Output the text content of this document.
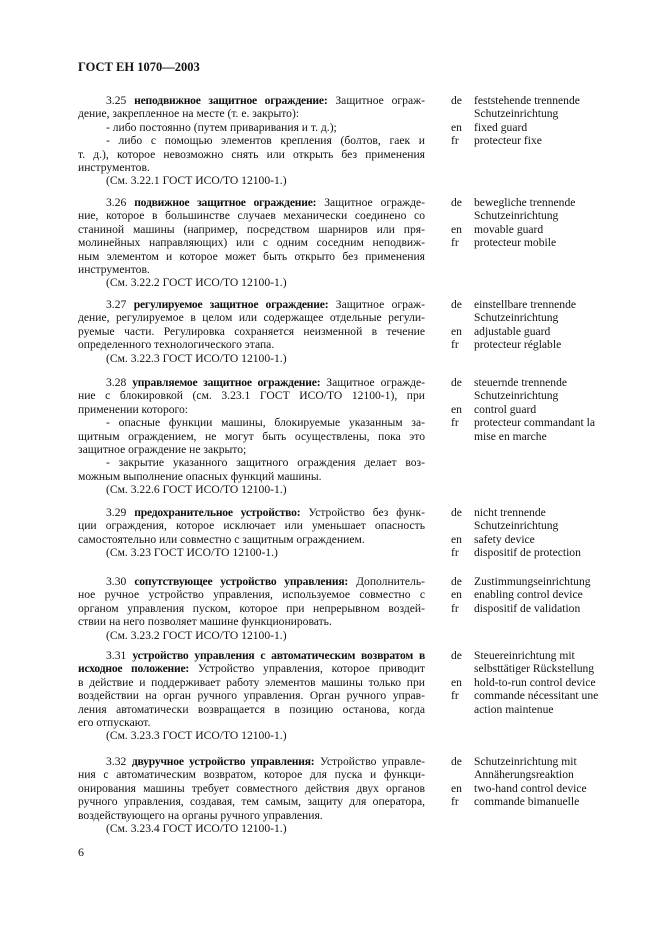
ГОСТ ЕН 1070—2003
3.25 неподвижное защитное ограждение: Защитное ограж-
дение, закрепленное на месте (т. е. закрыто):
- либо постоянно (путем приваривания и т. д.);
- либо с помощью элементов крепления (болтов, гаек и
т. д.), которое невозможно снять или открыть без применения
инструментов.
(См. 3.22.1 ГОСТ ИСО/ТО 12100-1.)
de	feststehende trennende
Schutzeinrichtung
en	fixed guard
fr	protecteur fixe
3.26 подвижное защитное ограждение: Защитное огражде-
ние, которое в большинстве случаев механически соединено со
станиной машины (например, посредством шарниров или пря-
молинейных направляющих) или с одним соседним неподвиж-
ным элементом и которое может быть открыто без применения
инструментов.
(См. 3.22.2 ГОСТ ИСО/ТО 12100-1.)
de	bewegliche trennende
Schutzeinrichtung
en	movable guard
fr	protecteur mobile
3.27 регулируемое защитное ограждение: Защитное ограж-
дение, регулируемое в целом или содержащее отдельные регули-
руемые части. Регулировка сохраняется неизменной в течение
определенного технологического этапа.
(См. 3.22.3 ГОСТ ИСО/ТО 12100-1.)
de	einstellbare trennende
Schutzeinrichtung
en	adjustable guard
fr	protecteur réglable
3.28 управляемое защитное ограждение: Защитное огражде-
ние с блокировкой (см. 3.23.1 ГОСТ ИСО/ТО 12100-1), при
применении которого:
- опасные функции машины, блокируемые указанным за-
щитным ограждением, не могут быть осуществлены, пока это
защитное ограждение не закрыто;
- закрытие указанного защитного ограждения делает воз-
можным выполнение опасных функций машины.
(См. 3.22.6 ГОСТ ИСО/ТО 12100-1.)
de	steuernde trennende
Schutzeinrichtung
en	control guard
fr	protecteur commandant la
mise en marche
3.29 предохранительное устройство: Устройство без функ-
ции ограждения, которое исключает или уменьшает опасность
самостоятельно или совместно с защитным ограждением.
(См. 3.23 ГОСТ ИСО/ТО 12100-1.)
de	nicht trennende
Schutzeinrichtung
en	safety device
fr	dispositif de protection
3.30 сопутствующее устройство управления: Дополнитель-
ное ручное устройство управления, используемое совместно с
органом управления пуском, которое при непрерывном воздей-
ствии на него позволяет машине функционировать.
(См. 3.23.2 ГОСТ ИСО/ТО 12100-1.)
de	Zustimmungseinrichtung
en	enabling control device
fr	dispositif de validation
3.31 устройство управления с автоматическим возвратом в
исходное положение: Устройство управления, которое приводит
в действие и поддерживает работу элементов машины только при
воздействии на орган ручного управления. Орган ручного управ-
ления автоматически возвращается в позицию останова, когда
его отпускают.
(См. 3.23.3 ГОСТ ИСО/ТО 12100-1.)
de	Steuereinrichtung mit
selbsttätiger Rückstellung
en	hold-to-run control device
fr	commande nécessitant une
action maintenue
3.32 двуручное устройство управления: Устройство управле-
ния с автоматическим возвратом, которое для пуска и функци-
онирования машины требует совместного действия двух органов
ручного управления, создавая, тем самым, защиту для оператора,
воздействующего на органы ручного управления.
(См. 3.23.4 ГОСТ ИСО/ТО 12100-1.)
de	Schutzeinrichtung mit
Annäherungsreaktion
en	two-hand control device
fr	commande bimanuelle
6
